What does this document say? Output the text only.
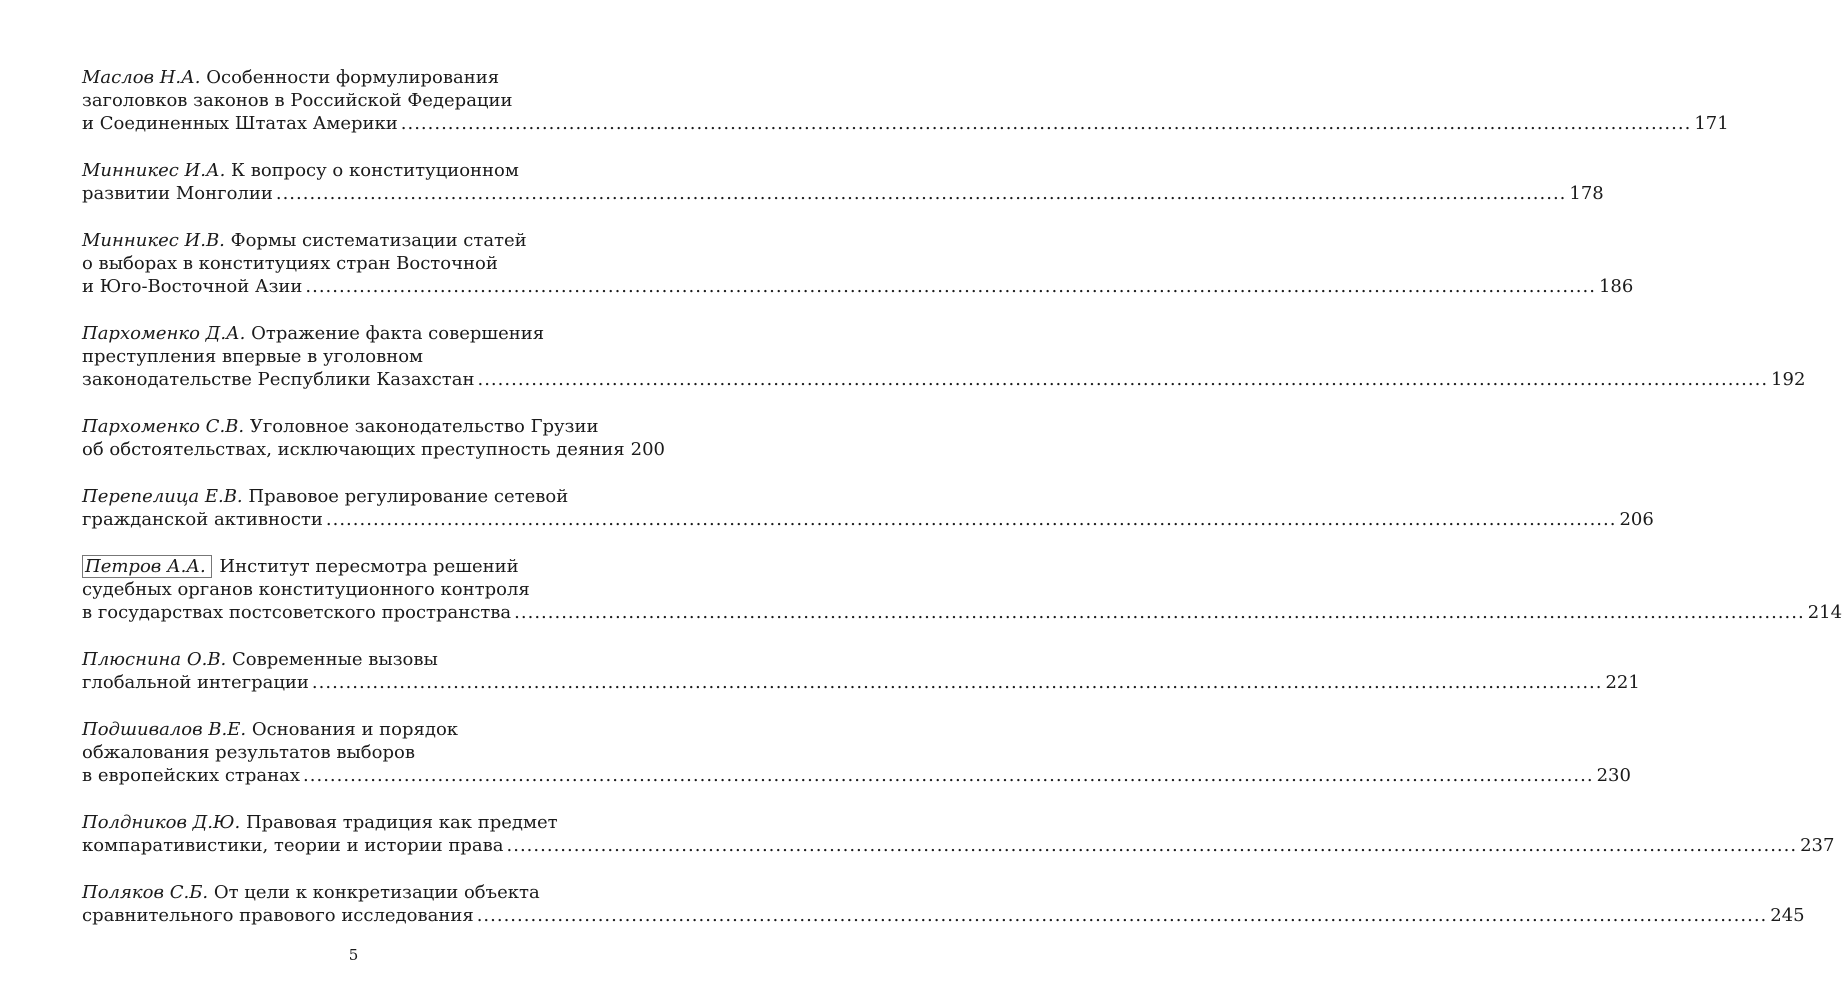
Маслов Н.А. Особенности формулирования
заголовков законов в Российской Федерации
и Соединенных Штатах Америки .....	171
Минникес И.А. К вопросу о конституционном
развитии Монголии .....	178
Минникес И.В. Формы систематизации статей
о выборах в конституциях стран Восточной
и Юго-Восточной Азии .....	186
Пархоменко Д.А. Отражение факта совершения
преступления впервые в уголовном
законодательстве Республики Казахстан .....	192
Пархоменко С.В. Уголовное законодательство Грузии
об обстоятельствах, исключающих преступность деяния 200
Перепелица Е.В. Правовое регулирование сетевой
гражданской активности .....	206
Петров А.А. Институт пересмотра решений
судебных органов конституционного контроля
в государствах постсоветского пространства .....	214
Плюснина О.В. Современные вызовы
глобальной интеграции .....	221
Подшивалов В.Е. Основания и порядок
обжалования результатов выборов
в европейских странах .....	230
Полдников Д.Ю. Правовая традиция как предмет
компаративистики, теории и истории права .....	237
Поляков С.Б. От цели к конкретизации объекта
сравнительного правового исследования .....	245
5
